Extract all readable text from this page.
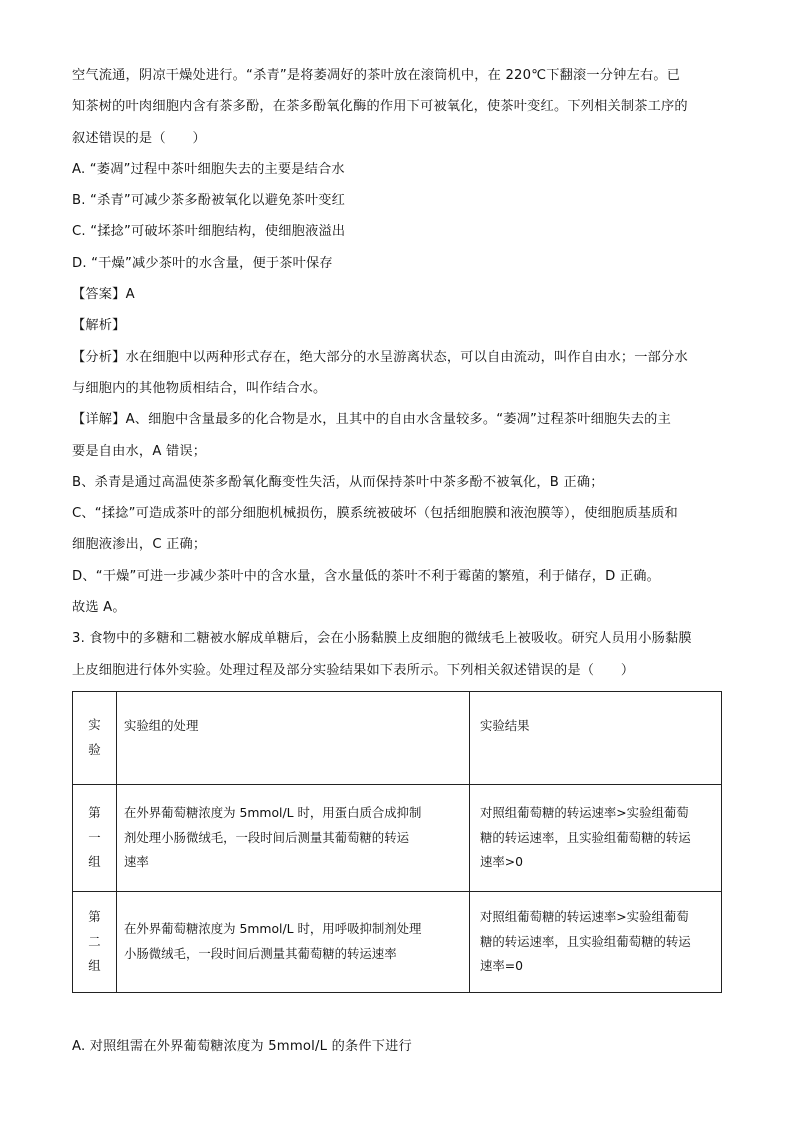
空气流通，阴凉干燥处进行。“杀青”是将萎凋好的茶叶放在滚筒机中，在 220℃下翻滚一分钟左右。已
知茶树的叶肉细胞内含有茶多酚，在茶多酚氧化酶的作用下可被氧化，使茶叶变红。下列相关制茶工序的
叙述错误的是（　　）
A. “萎凋”过程中茶叶细胞失去的主要是结合水
B. “杀青”可减少茶多酚被氧化以避免茶叶变红
C. “揉捻”可破坏茶叶细胞结构，使细胞液溢出
D. “干燥”减少茶叶的水含量，便于茶叶保存
【答案】A
【解析】
【分析】水在细胞中以两种形式存在，绝大部分的水呈游离状态，可以自由流动，叫作自由水；一部分水
与细胞内的其他物质相结合，叫作结合水。
【详解】A、细胞中含量最多的化合物是水，且其中的自由水含量较多。“萎凋”过程茶叶细胞失去的主
要是自由水，A 错误；
B、杀青是通过高温使茶多酚氧化酶变性失活，从而保持茶叶中茶多酚不被氧化，B 正确；
C、“揉捻”可造成茶叶的部分细胞机械损伤，膜系统被破坏（包括细胞膜和液泡膜等），使细胞质基质和
细胞液渗出，C 正确；
D、“干燥”可进一步减少茶叶中的含水量，含水量低的茶叶不利于霉菌的繁殖，利于储存，D 正确。
故选 A。
3. 食物中的多糖和二糖被水解成单糖后，会在小肠黏膜上皮细胞的微绒毛上被吸收。研究人员用小肠黏膜
上皮细胞进行体外实验。处理过程及部分实验结果如下表所示。下列相关叙述错误的是（　　）
实
验	实验组的处理	实验结果

第
一
组	在外界葡萄糖浓度为 5mmol/L 时，用蛋白质合成抑制
剂处理小肠微绒毛，一段时间后测量其葡萄糖的转运
速率	对照组葡萄糖的转运速率>实验组葡萄
糖的转运速率，且实验组葡萄糖的转运
速率>0

第
二
组	在外界葡萄糖浓度为 5mmol/L 时，用呼吸抑制剂处理
小肠微绒毛，一段时间后测量其葡萄糖的转运速率	对照组葡萄糖的转运速率>实验组葡萄
糖的转运速率，且实验组葡萄糖的转运
速率=0
A. 对照组需在外界葡萄糖浓度为 5mmol/L 的条件下进行
